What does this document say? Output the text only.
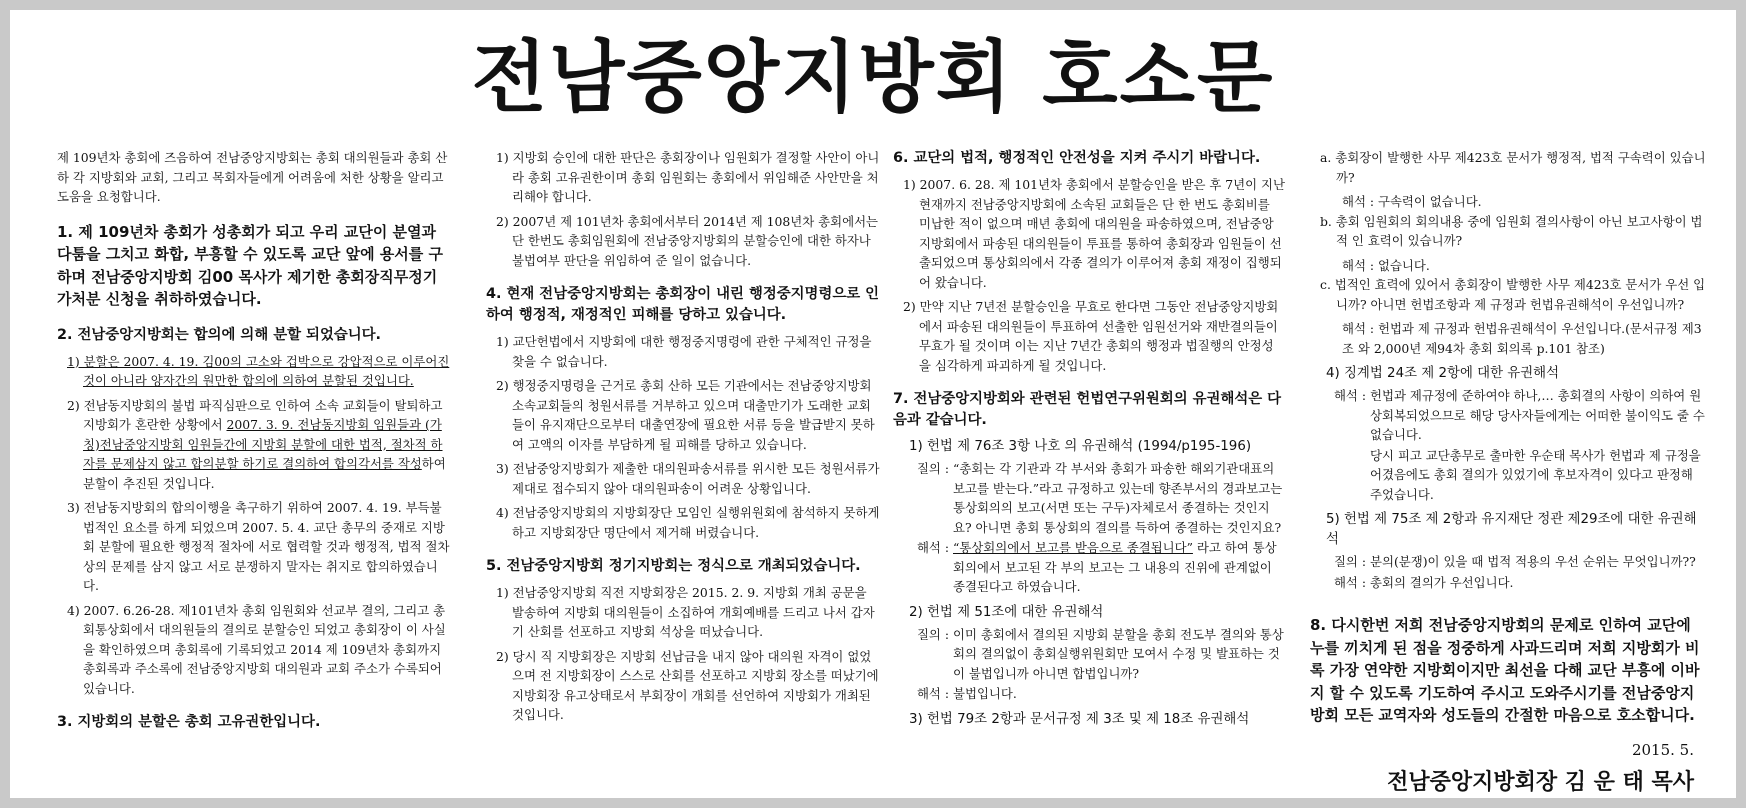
전남중앙지방회 호소문
제 109년차 총회에 즈음하여 전남중앙지방회는 총회 대의원들과 총회 산하 각 지방회와 교회, 그리고 목회자들에게 어려움에 처한 상황을 알리고 도움을 요청합니다.
1. 제 109년차 총회가 성총회가 되고 우리 교단이 분열과 다툼을 그치고 화합, 부흥할 수 있도록 교단 앞에 용서를 구하며 전남중앙지방회 김00 목사가 제기한 총회장직무정기가처분 신청을 취하하였습니다.
2. 전남중앙지방회는 합의에 의해 분할 되었습니다.
1) 분할은 2007. 4. 19. 김00의 고소와 겁박으로 강압적으로 이루어진 것이 아니라 양자간의 원만한 합의에 의하여 분할된 것입니다.
2) 전남동지방회의 불법 파직심판으로 인하여 소속 교회들이 탈퇴하고 지방회가 혼란한 상황에서 2007. 3. 9. 전남동지방회 임원들과 (가칭)전남중앙지방회 임원들간에 지방회 분할에 대한 법적, 절차적 하자를 문제삼지 않고 합의분할 하기로 결의하여 합의각서를 작성하여 분할이 추진된 것입니다.
3) 전남동지방회의 합의이행을 촉구하기 위하여 2007. 4. 19. 부득불 법적인 요소를 하게 되었으며 2007. 5. 4. 교단 총무의 중재로 지방회 분할에 필요한 행정적 절차에 서로 협력할 것과 행정적, 법적 절차상의 문제를 삼지 않고 서로 분쟁하지 말자는 취지로 합의하였습니다.
4) 2007. 6.26-28. 제101년차 총회 임원회와 선교부 결의, 그리고 총회통상회에서 대의원들의 결의로 분할승인 되었고 총회장이 이 사실을 확인하였으며 총회록에 기록되었고 2014 제 109년차 총회까지 총회록과 주소록에 전남중앙지방회 대의원과 교회 주소가 수록되어 있습니다.
3. 지방회의 분할은 총회 고유권한입니다.
1) 지방회 승인에 대한 판단은 총회장이나 임원회가 결정할 사안이 아니라 총회 고유권한이며 총회 임원회는 총회에서 위임해준 사안만을 처리해야 합니다.
2) 2007년 제 101년차 총회에서부터 2014년 제 108년차 총회에서는 단 한번도 총회임원회에 전남중앙지방회의 분할승인에 대한 하자나 불법여부 판단을 위임하여 준 일이 없습니다.
4. 현재 전남중앙지방회는 총회장이 내린 행정중지명령으로 인하여 행정적, 재정적인 피해를 당하고 있습니다.
1) 교단헌법에서 지방회에 대한 행정중지명령에 관한 구체적인 규정을 찾을 수 없습니다.
2) 행정중지명령을 근거로 총회 산하 모든 기관에서는 전남중앙지방회 소속교회들의 청원서류를 거부하고 있으며 대출만기가 도래한 교회들이 유지재단으로부터 대출연장에 필요한 서류 등을 발급받지 못하여 고액의 이자를 부담하게 될 피해를 당하고 있습니다.
3) 전남중앙지방회가 제출한 대의원파송서류를 위시한 모든 청원서류가 제대로 접수되지 않아 대의원파송이 어려운 상황입니다.
4) 전남중앙지방회의 지방회장단 모임인 실행위원회에 참석하지 못하게 하고 지방회장단 명단에서 제거해 버렸습니다.
5. 전남중앙지방회 정기지방회는 정식으로 개최되었습니다.
1) 전남중앙지방회 직전 지방회장은 2015. 2. 9. 지방회 개최 공문을 발송하여 지방회 대의원들이 소집하여 개회예배를 드리고 나서 갑자기 산회를 선포하고 지방회 석상을 떠났습니다.
2) 당시 직 지방회장은 지방회 선납금을 내지 않아 대의원 자격이 없었으며 전 지방회장이 스스로 산회를 선포하고 지방회 장소를 떠났기에 지방회장 유고상태로서 부회장이 개회를 선언하여 지방회가 개최된 것입니다.
6. 교단의 법적, 행정적인 안전성을 지켜 주시기 바랍니다.
1) 2007. 6. 28. 제 101년차 총회에서 분할승인을 받은 후 7년이 지난 현재까지 전남중앙지방회에 소속된 교회들은 단 한 번도 총회비를 미납한 적이 없으며 매년 총회에 대의원을 파송하였으며, 전남중앙지방회에서 파송된 대의원들이 투표를 통하여 총회장과 임원들이 선출되었으며 통상회의에서 각종 결의가 이루어져 총회 재정이 집행되어 왔습니다.
2) 만약 지난 7년전 분할승인을 무효로 한다면 그동안 전남중앙지방회에서 파송된 대의원들이 투표하여 선출한 임원선거와 재반결의들이 무효가 될 것이며 이는 지난 7년간 총회의 행정과 법질행의 안정성을 심각하게 파괴하게 될 것입니다.
7. 전남중앙지방회와 관련된 헌법연구위원회의 유권해석은 다음과 같습니다.
1) 헌법 제 76조 3항 나호 의 유권해석 (1994/p195-196)
질의 : “총회는 각 기관과 각 부서와 총회가 파송한 해외기관대표의 보고를 받는다.”라고 규정하고 있는데 향존부서의 경과보고는 통상회의의 보고(서면 또는 구두)자체로서 종결하는 것인지요? 아니면 총회 통상회의 결의를 득하여 종결하는 것인지요?
해석 : “통상회의에서 보고를 받음으로 종결됩니다” 라고 하여 통상회의에서 보고된 각 부의 보고는 그 내용의 진위에 관계없이 종결된다고 하였습니다.
2) 헌법 제 51조에 대한 유권해석
질의 : 이미 총회에서 결의된 지방회 분할을 총회 전도부 결의와 통상회의 결의없이 총회실행위원회만 모여서 수정 및 발표하는 것이 불법입니까 아니면 합법입니까?
해석 : 불법입니다.
3) 헌법 79조 2항과 문서규정 제 3조 및 제 18조 유권해석
a. 총회장이 발행한 사무 제423호 문서가 행정적, 법적 구속력이 있습니까?
해석 : 구속력이 없습니다.
b. 총회 임원회의 회의내용 중에 임원회 결의사항이 아닌 보고사항이 법적 인 효력이 있습니까?
해석 : 없습니다.
c. 법적인 효력에 있어서 총회장이 발행한 사무 제423호 문서가 우선 입니까? 아니면 헌법조항과 제 규정과 헌법유권해석이 우선입니까?
해석 : 헌법과 제 규정과 헌법유권해석이 우선입니다.(문서규정 제3조 와 2,000년 제94차 총회 회의록 p.101 참조)
4) 징계법 24조 제 2항에 대한 유권해석
해석 : 헌법과 제규정에 준하여야 하나,… 총회결의 사항이 의하여 원상회복되었으므로 해당 당사자들에게는 어떠한 불이익도 줄 수 없습니다.
당시 피고 교단총무로 출마한 우순태 목사가 헌법과 제 규정을 어겼음에도 총회 결의가 있었기에 후보자격이 있다고 판정해 주었습니다.
5) 헌법 제 75조 제 2항과 유지재단 정관 제29조에 대한 유권해석
질의 : 분의(분쟁)이 있을 때 법적 적용의 우선 순위는 무엇입니까??
해석 : 총회의 결의가 우선입니다.
8. 다시한번 저희 전남중앙지방회의 문제로 인하여 교단에 누를 끼치게 된 점을 정중하게 사과드리며 저희 지방회가 비록 가장 연약한 지방회이지만 최선을 다해 교단 부흥에 이바지 할 수 있도록 기도하여 주시고 도와주시기를 전남중앙지방회 모든 교역자와 성도들의 간절한 마음으로 호소합니다.
2015. 5.
전남중앙지방회장 김 운 태 목사
